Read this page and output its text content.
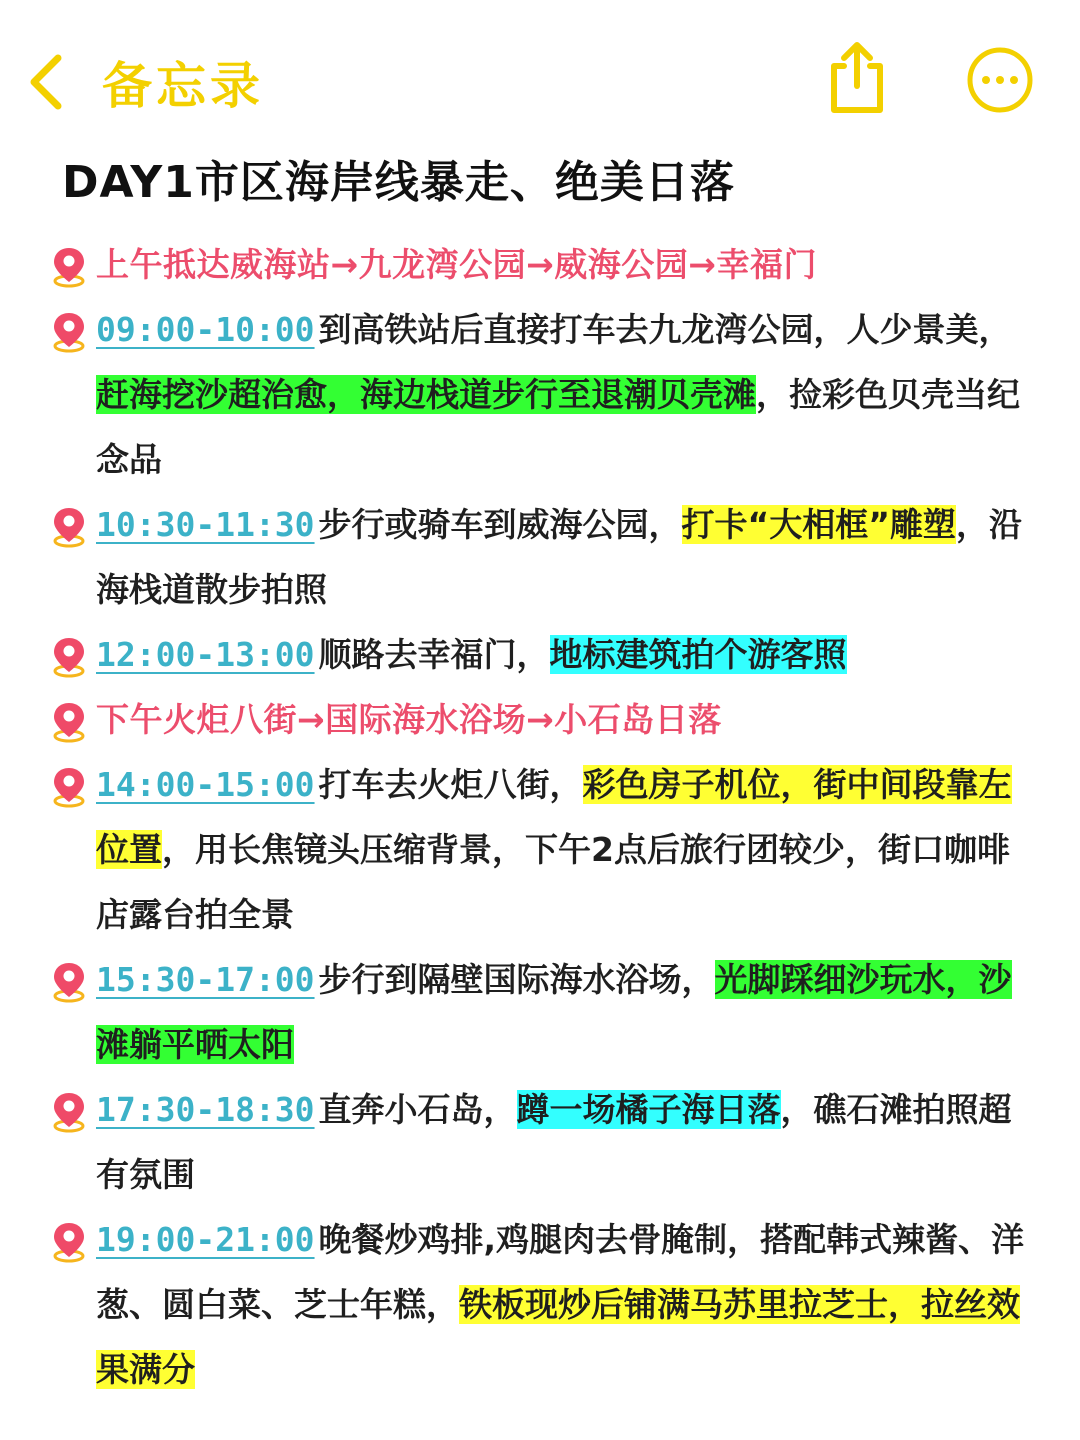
备忘录
DAY1市区海岸线暴走、绝美日落
上午抵达威海站→九龙湾公园→威海公园→幸福门
09:00-10:00 到高铁站后直接打车去九龙湾公园，人少景美，赶海挖沙超治愈，海边栈道步行至退潮贝壳滩，捡彩色贝壳当纪念品
10:30-11:30 步行或骑车到威海公园，打卡“大相框”雕塑，沿海栈道散步拍照
12:00-13:00 顺路去幸福门，地标建筑拍个游客照
下午火炬八街→国际海水浴场→小石岛日落
14:00-15:00 打车去火炬八街，彩色房子机位，街中间段靠左位置，用长焦镜头压缩背景，下午2点后旅行团较少，街口咖啡店露台拍全景
15:30-17:00 步行到隔壁国际海水浴场，光脚踩细沙玩水，沙滩躺平晒太阳
17:30-18:30 直奔小石岛，蹲一场橘子海日落，礁石滩拍照超有氛围
19:00-21:00 晚餐炒鸡排,鸡腿肉去骨腌制，搭配韩式辣酱、洋葱、圆白菜、芝士年糕，铁板现炒后铺满马苏里拉芝士，拉丝效果满分
